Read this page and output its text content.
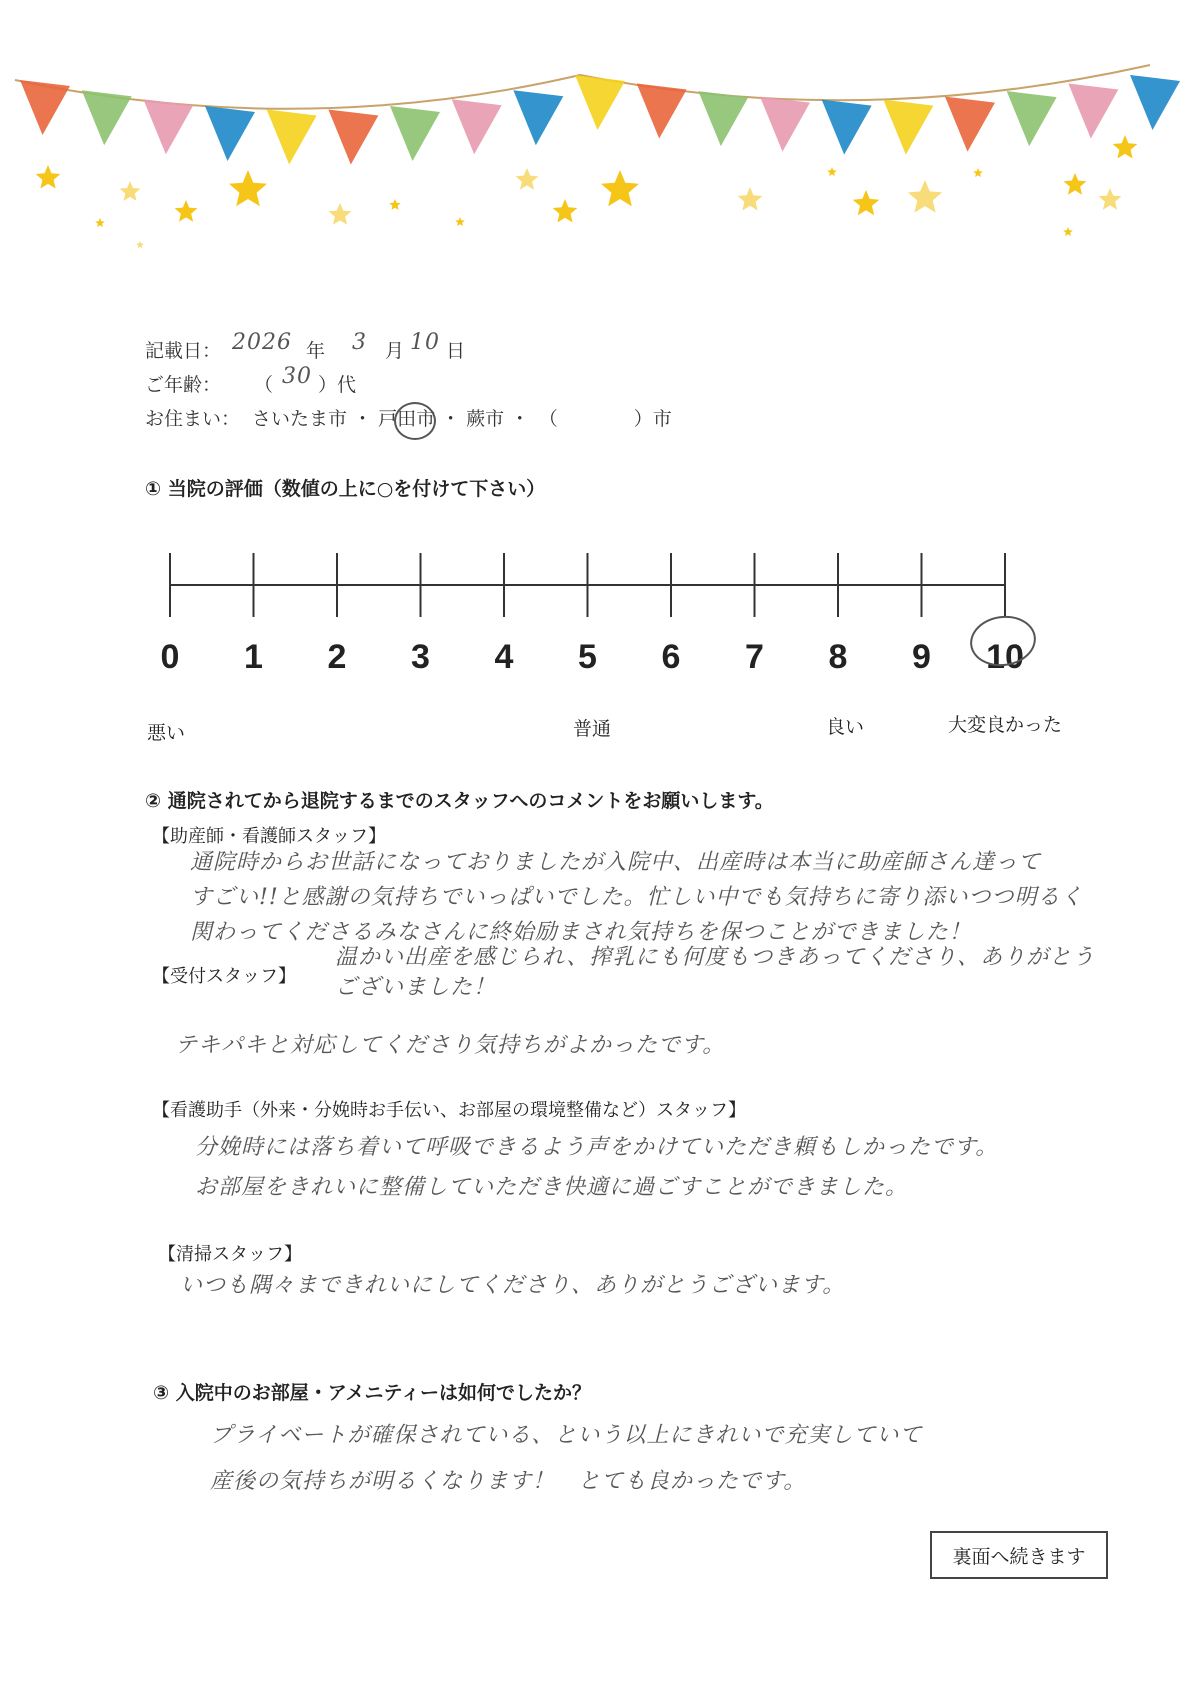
記載日： 2026 年 3 月 10 日
ご年齢： （ 30 ）代
お住まい： さいたま市 ・ 戸田市 ・ 蕨市 ・　（　　　　）市
① 当院の評価（数値の上に○を付けて下さい）
0 1 2 3 4 5 6 7 8 9 10
悪い	普通	良い	大変良かった
② 通院されてから退院するまでのスタッフへのコメントをお願いします。
【助産師・看護師スタッフ】
通院時からお世話になっておりましたが入院中、出産時は本当に助産師さん達って
すごい!!と感謝の気持ちでいっぱいでした。忙しい中でも気持ちに寄り添いつつ明るく
関わってくださるみなさんに終始励まされ気持ちを保つことができました！
温かい出産を感じられ、搾乳にも何度もつきあってくださり、ありがとう
ございました！
【受付スタッフ】
テキパキと対応してくださり気持ちがよかったです。
【看護助手（外来・分娩時お手伝い、お部屋の環境整備など）スタッフ】
分娩時には落ち着いて呼吸できるよう声をかけていただき頼もしかったです。
お部屋をきれいに整備していただき快適に過ごすことができました。
【清掃スタッフ】
いつも隅々まできれいにしてくださり、ありがとうございます。
③ 入院中のお部屋・アメニティーは如何でしたか？
プライベートが確保されている、という以上にきれいで充実していて
産後の気持ちが明るくなります！　とても良かったです。
裏面へ続きます
